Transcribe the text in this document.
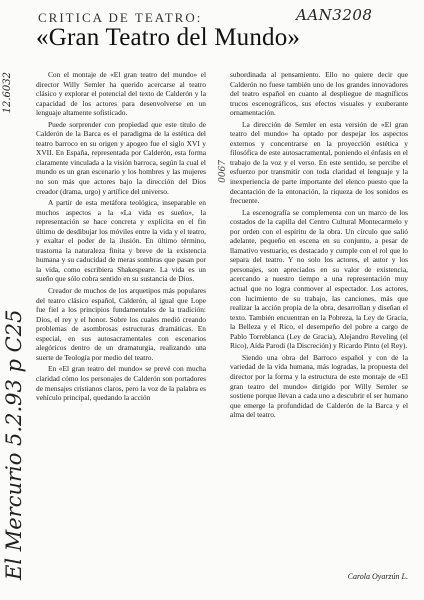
AAN3208
12.6032
El Mercurio 5.2.93 p C25
0067
CRITICA DE TEATRO:
«Gran Teatro del Mundo»

Con el montaje de «El gran teatro del mundo» el director Willy Semler ha querido acercarse al teatro clásico y explorar el potencial del texto de Calderón y la capacidad de los actores para desenvolverse en un lenguaje altamente sofisticado.

Puede sorprender con propiedad que este título de Calderón de la Barca es el paradigma de la estética del teatro barroco en su origen y apogeo fue el siglo XVI y XVII. En España, representada por Calderón, esta forma claramente vinculada a la visión barroca, según la cual el mundo es un gran escenario y los hombres y las mujeres no son más que actores bajo la dirección del Dios creador (drama, urgo) y artífice del universo.

A partir de esta metáfora teológica, inseparable en muchos aspectos a la «La vida es sueño», la representación se hace concreta y explícita en el fin último de desdibujar los móviles entre la vida y el teatro, y exaltar el poder de la ilusión. En último término, trastorna la naturaleza finita y breve de la existencia humana y su caducidad de meras sombras que pasan por la vida, como escribiera Shakespeare. La vida es un sueño que sólo cobra sentido en su sustancia de Dios.

Creador de muchos de los arquetipos más populares del teatro clásico español, Calderón, al igual que Lope fue fiel a los principios fundamentales de la tradición: Dios, el rey y el honor. Sobre los cuales medió creando problemas de asombrosas estructuras dramáticas. En especial, en sus autosacramentales con escenarios alegóricos dentro de un dramaturgia, realizando una suerte de Teología por medio del teatro.

En «El gran teatro del mundo» se prevé con mucha claridad cómo los personajes de Calderón son portadores de mensajes cristianos claros, pero la voz de la palabra es vehículo principal, quedando la acción

subordinada al pensamiento. Ello no quiere decir que Calderón no fuese también uno de los grandes innovadores del teatro español en cuanto al despliegue de magníficos trucos escenográficos, sus efectos visuales y exuberante ornamentación.

La dirección de Semler en esta versión de «El gran teatro del mundo» ha optado por despejar los aspectos externos y concentrarse en la proyección estética y filosófica de este autosacramental, poniendo el énfasis en el trabajo de la voz y el verso. En este sentido, se percibe el esfuerzo por transmitir con toda claridad el lenguaje y la inexperiencia de parte importante del elenco puesto que la decantación de la entonación, la riqueza de los sonidos es frecuente.

La escenografía se complementa con un marco de los costados de la capilla del Centro Cultural Montecarmelo y por orden con el espíritu de la obra. Un círculo que salió adelante, pequeño en escena en su conjunto, a pesar de llamativo vestuario, es destacado y cumple con el rol que lo separa del teatro. Y no solo los actores, el autor y los personajes, son apreciados en su valor de existencia, acercando a nuestro tiempo a una representación muy actual que no logra conmover al espectador. Los actores, con lucimiento de su trabajo, las canciones, más que realizar la acción propia de la obra, desarrollan y diseñan el texto. También encuentran en la Pobreza, la Ley de Gracia, la Belleza y el Rico, el desempeño del pobre a cargo de Pablo Torreblanca (Ley de Gracia), Alejandro Reveling (el Rico), Aída Parodi (la Discreción) y Ricardo Pinto (el Rey).

Siendo una obra del Barroco español y con de la variedad de la vida humana, más logradas, la propuesta del director por la forma y la estructura de este montaje de «El gran teatro del mundo» dirigido por Willy Semler se sostiene porque llevan a cada uno a descubrir el ser humano que emerge la profundidad de Calderón de la Barca y el alma del teatro.

Carola Oyarzún L.
